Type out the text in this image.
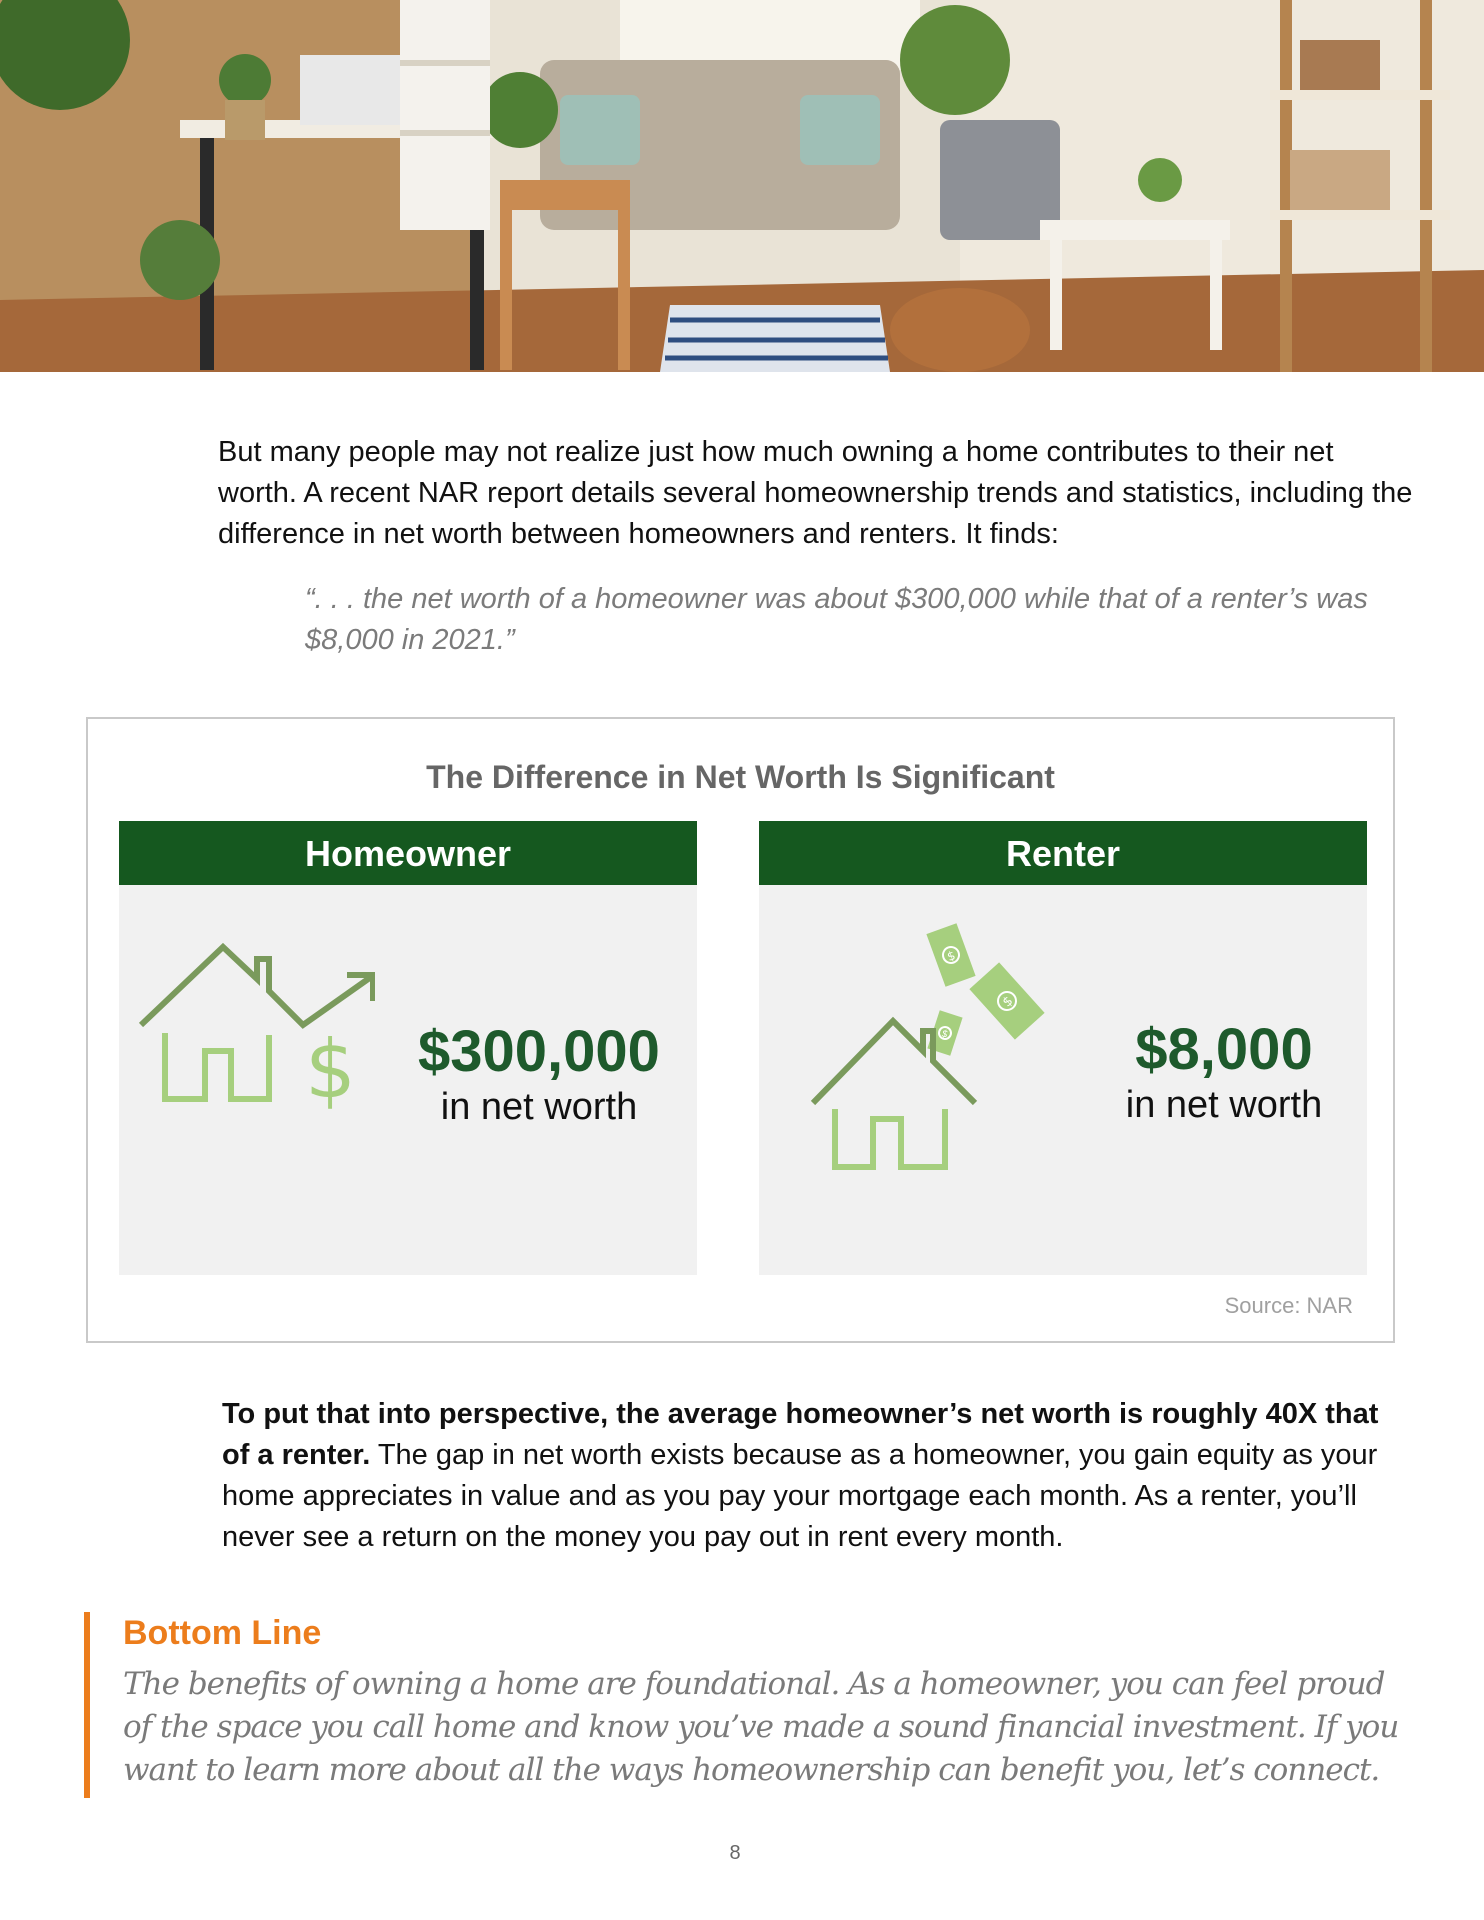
But many people may not realize just how much owning a home contributes to their net worth. A recent NAR report details several homeownership trends and statistics, including the difference in net worth between homeowners and renters. It finds:
“. . . the net worth of a homeowner was about $300,000 while that of a renter’s was $8,000 in 2021.”
The Difference in Net Worth Is Significant
Homeowner
$ $300,000
in net worth
Renter
$
$
$	$8,000
in net worth
Source: NAR
To put that into perspective, the average homeowner’s net worth is roughly 40X that of a renter. The gap in net worth exists because as a homeowner, you gain equity as your home appreciates in value and as you pay your mortgage each month. As a renter, you’ll never see a return on the money you pay out in rent every month.
Bottom Line
The benefits of owning a home are foundational. As a homeowner, you can feel proud of the space you call home and know you’ve made a sound financial investment. If you want to learn more about all the ways homeownership can benefit you, let’s connect.
8
